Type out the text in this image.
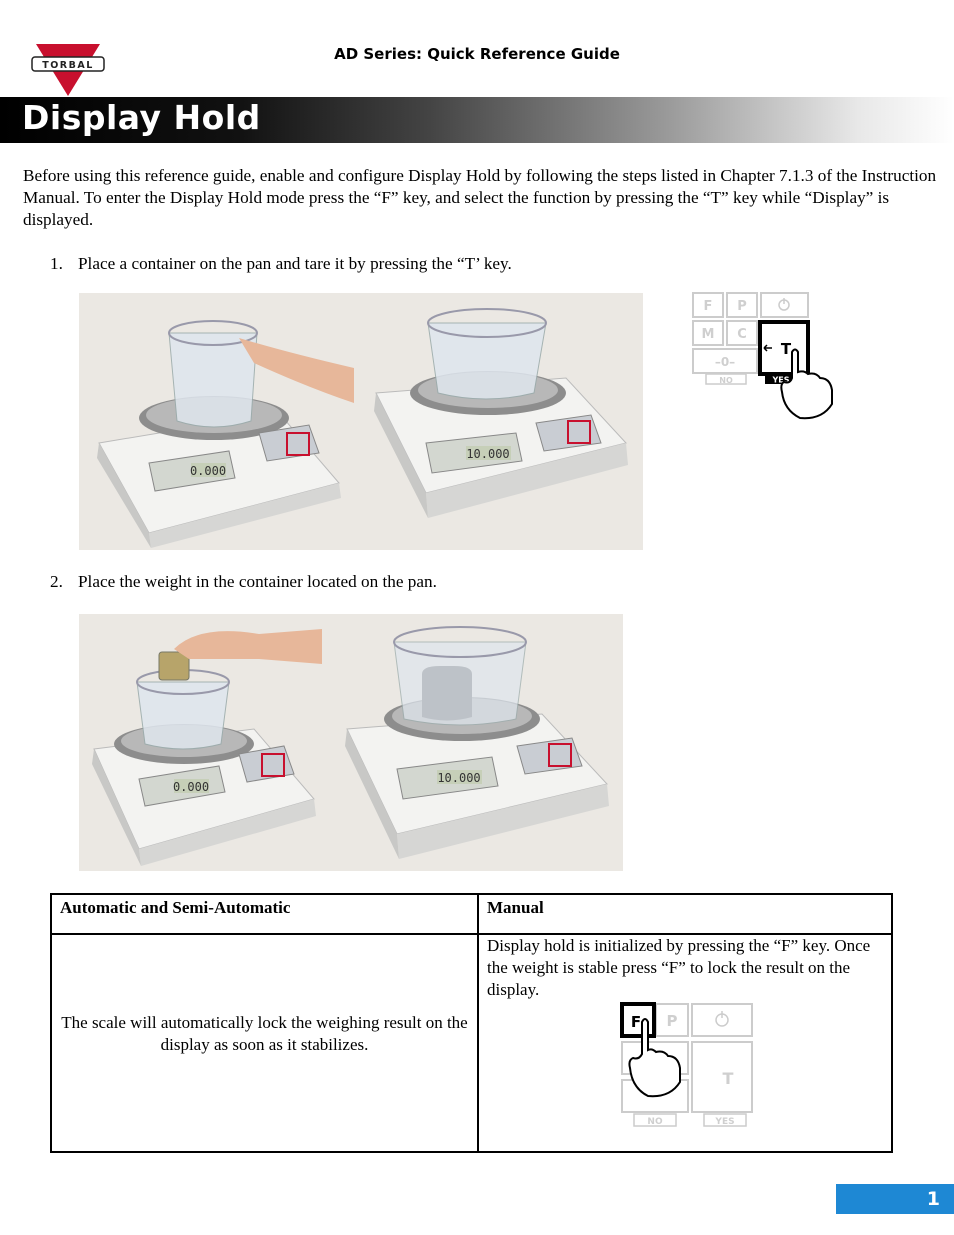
TORBAL
AD Series: Quick Reference Guide
Display Hold
Before using this reference guide, enable and configure Display Hold by following the steps listed in Chapter 7.1.3 of the Instruction Manual. To enter the Display Hold mode press the “F” key, and select the function by pressing the “T” key while “Display” is displayed.
1. Place a container on the pan and tare it by pressing the “T’ key.
0.000
10.000
F P
M C
–0–
NO
T
YES
2. Place the weight in the container located on the pan.
0.000
10.000
Automatic and Semi-Automatic	Manual
The scale will automatically lock the weighing result on the display as soon as it stabilizes.
Display hold is initialized by pressing the “F” key. Once the weight is stable press “F” to lock the result on the display.
P
T
NO	YES
F
1
